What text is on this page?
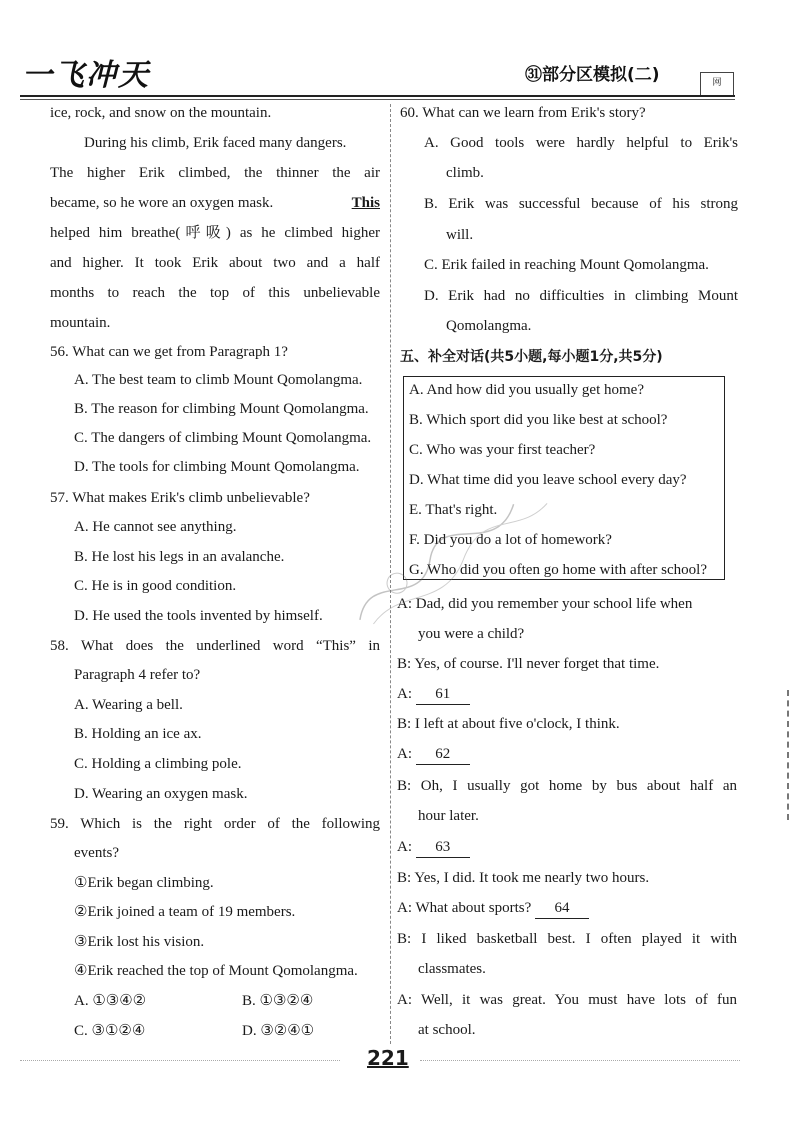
一飞冲天	㉛部分区模拟(二)	网
ice, rock, and snow on the mountain.
During his climb, Erik faced many dangers.
The higher Erik climbed, the thinner the air
became, so he wore an oxygen mask.	This
helped him breathe(呼吸) as he climbed higher
and higher. It took Erik about two and a half
months to reach the top of this unbelievable
mountain.
56. What can we get from Paragraph 1?
A. The best team to climb Mount Qomolangma.
B. The reason for climbing Mount Qomolangma.
C. The dangers of climbing Mount Qomolangma.
D. The tools for climbing Mount Qomolangma.
57. What makes Erik's climb unbelievable?
A. He cannot see anything.
B. He lost his legs in an avalanche.
C. He is in good condition.
D. He used the tools invented by himself.
58. What does the underlined word “This” in
Paragraph 4 refer to?
A. Wearing a bell.
B. Holding an ice ax.
C. Holding a climbing pole.
D. Wearing an oxygen mask.
59. Which is the right order of the following
events?
①Erik began climbing.
②Erik joined a team of 19 members.
③Erik lost his vision.
④Erik reached the top of Mount Qomolangma.
A. ①③④②	B. ①③②④
C. ③①②④	D. ③②④①
60. What can we learn from Erik's story?
A. Good tools were hardly helpful to Erik's
climb.
B. Erik was successful because of his strong
will.
C. Erik failed in reaching Mount Qomolangma.
D. Erik had no difficulties in climbing Mount
Qomolangma.
五、补全对话(共5小题,每小题1分,共5分)
A. And how did you usually get home?
B. Which sport did you like best at school?
C. Who was your first teacher?
D. What time did you leave school every day?
E. That's right.
F. Did you do a lot of homework?
G. Who did you often go home with after school?
A: Dad, did you remember your school life when
you were a child?
B: Yes, of course. I'll never forget that time.
A: 61
B: I left at about five o'clock, I think.
A: 62
B: Oh, I usually got home by bus about half an
hour later.
A: 63
B: Yes, I did. It took me nearly two hours.
A: What about sports? 64
B: I liked basketball best. I often played it with
classmates.
A: Well, it was great. You must have lots of fun
at school.
221
